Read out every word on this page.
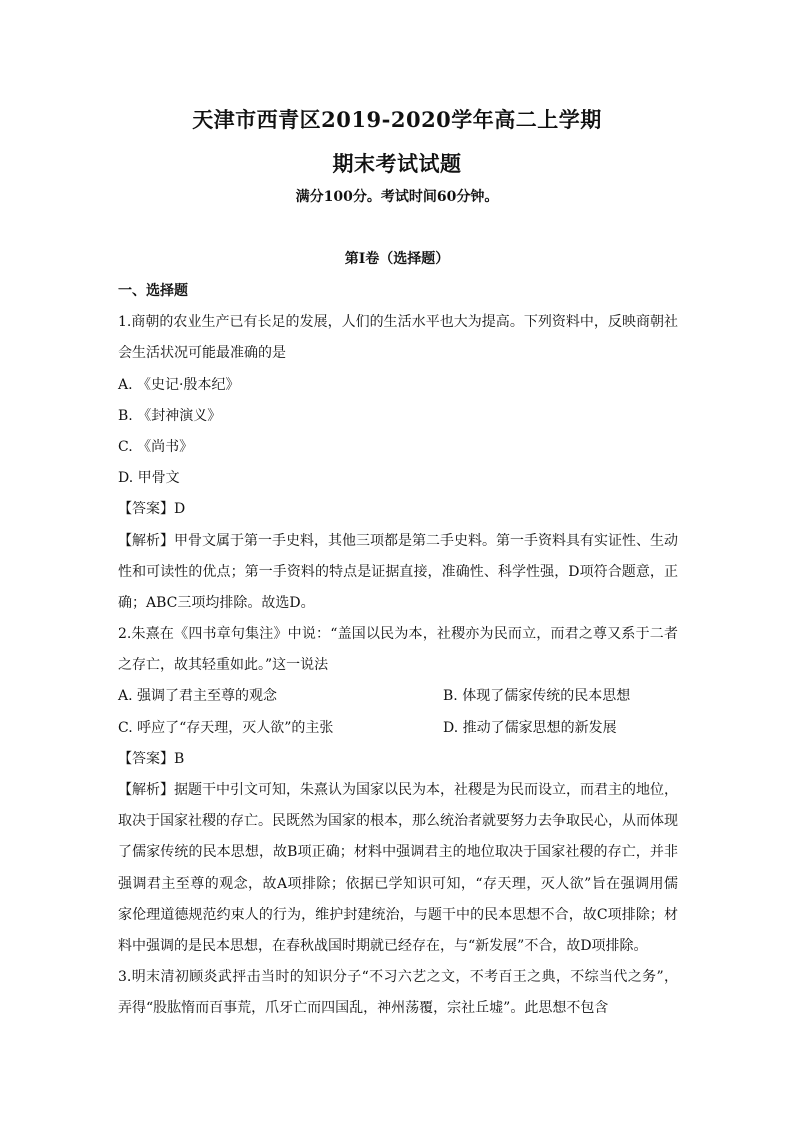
天津市西青区2019-2020学年高二上学期
期末考试试题
满分100分。考试时间60分钟。
第Ⅰ卷（选择题）
一、选择题
1.商朝的农业生产已有长足的发展，人们的生活水平也大为提高。下列资料中，反映商朝社
会生活状况可能最准确的是
A. 《史记·殷本纪》
B. 《封神演义》
C. 《尚书》
D. 甲骨文
【答案】D
【解析】甲骨文属于第一手史料，其他三项都是第二手史料。第一手资料具有实证性、生动
性和可读性的优点；第一手资料的特点是证据直接，准确性、科学性强，D项符合题意，正
确；ABC三项均排除。故选D。
2.朱熹在《四书章句集注》中说：“盖国以民为本，社稷亦为民而立，而君之尊又系于二者
之存亡，故其轻重如此。”这一说法
A. 强调了君主至尊的观念	B. 体现了儒家传统的民本思想
C. 呼应了“存天理，灭人欲”的主张	D. 推动了儒家思想的新发展
【答案】B
【解析】据题干中引文可知，朱熹认为国家以民为本，社稷是为民而设立，而君主的地位，
取决于国家社稷的存亡。民既然为国家的根本，那么统治者就要努力去争取民心，从而体现
了儒家传统的民本思想，故B项正确；材料中强调君主的地位取决于国家社稷的存亡，并非
强调君主至尊的观念，故A项排除；依据已学知识可知，“存天理，灭人欲”旨在强调用儒
家伦理道德规范约束人的行为，维护封建统治，与题干中的民本思想不合，故C项排除；材
料中强调的是民本思想，在春秋战国时期就已经存在，与“新发展”不合，故D项排除。
3.明末清初顾炎武抨击当时的知识分子“不习六艺之文，不考百王之典，不综当代之务”，
弄得“股肱惰而百事荒，爪牙亡而四国乱，神州荡覆，宗社丘墟”。此思想不包含
